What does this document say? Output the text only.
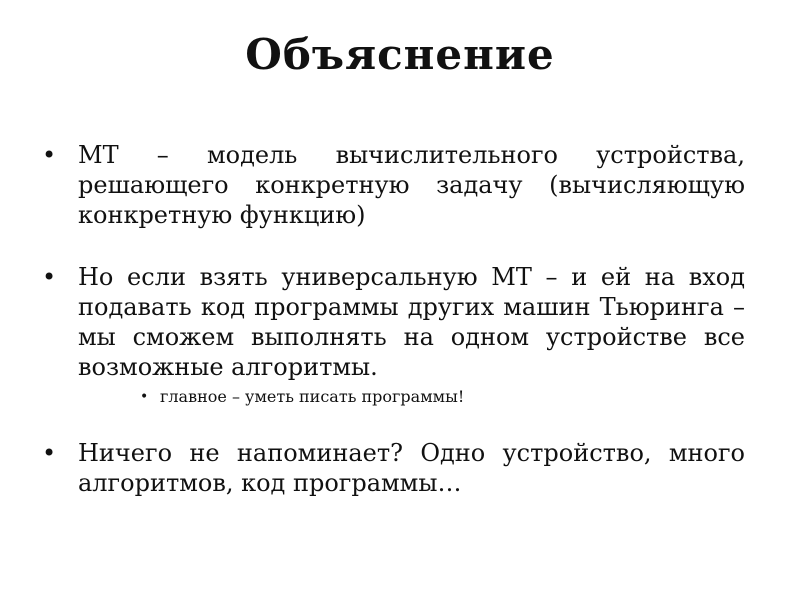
Объяснение
• МТ – модель вычислительного устройства, решающего конкретную задачу (вычисляющую конкретную функцию)
• Но если взять универсальную МТ – и ей на вход подавать код программы других машин Тьюринга – мы сможем выполнять на одном устройстве все возможные алгоритмы.
• главное – уметь писать программы!
• Ничего не напоминает? Одно устройство, много алгоритмов, код программы…
